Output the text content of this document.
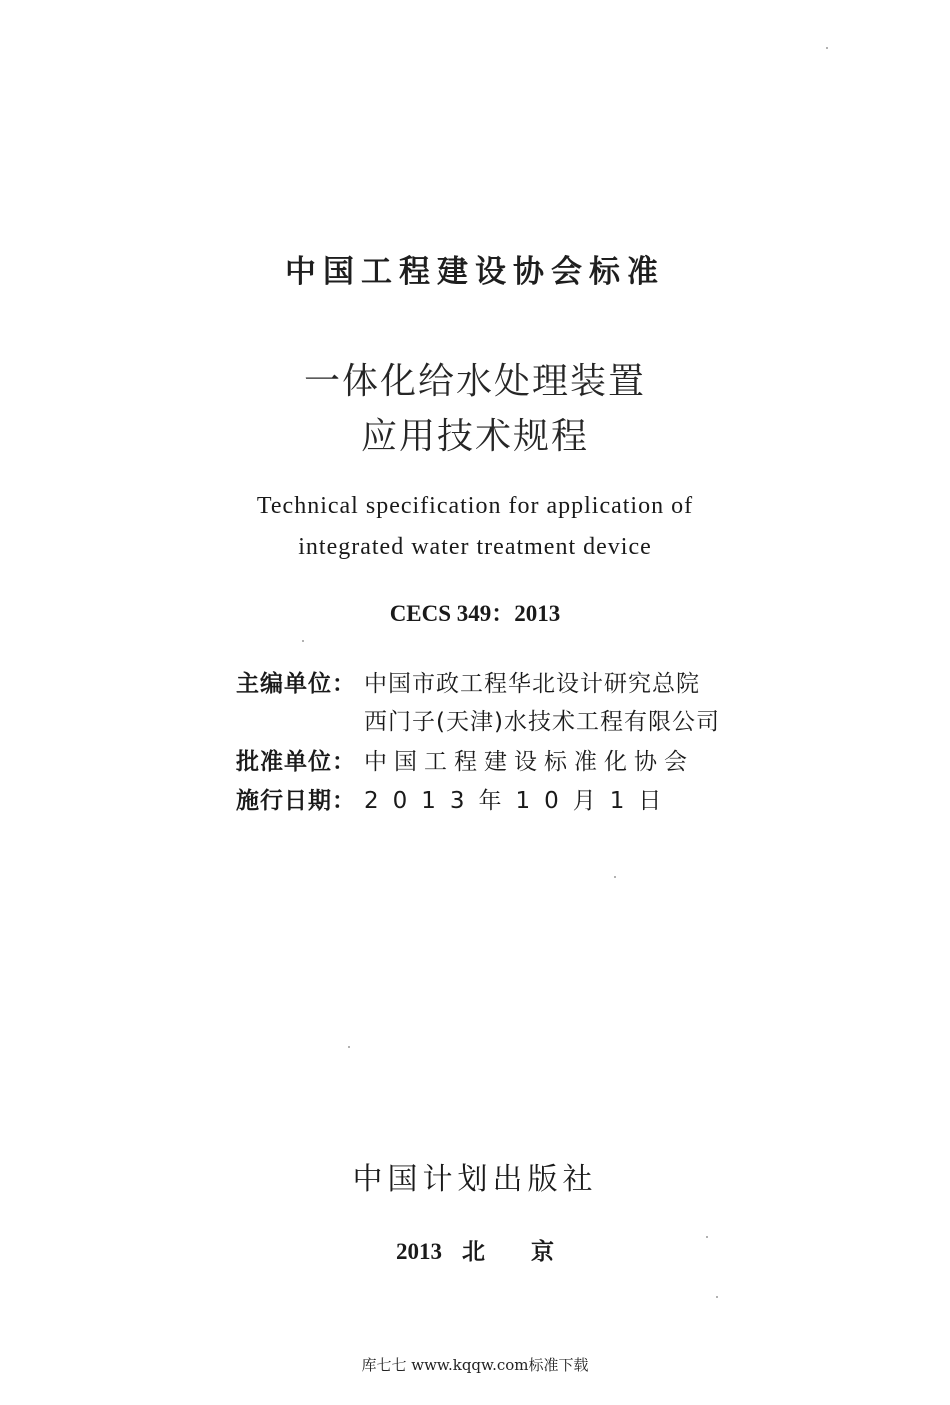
中国工程建设协会标准
一体化给水处理装置
应用技术规程
Technical specification for application of
integrated water treatment device
CECS 349：2013
主编单位： 中国市政工程华北设计研究总院
西门子(天津)水技术工程有限公司
批准单位： 中国工程建设标准化协会
施行日期： 2013年10月1日
中国计划出版社
2013 北 京
库七七 www.kqqw.com标准下载
